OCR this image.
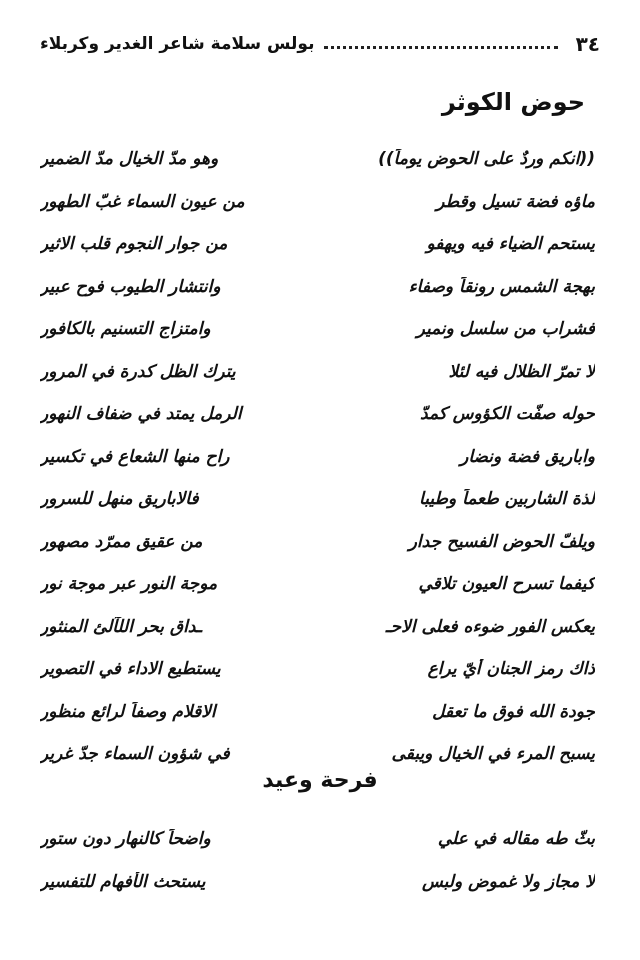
٣٤
بولس سلامة شاعر الغدير وكربلاء
حوض الكوثر
((انكم وردٌ على الحوض يوماً))
وهو مدّ الخيال مدّ الضمير
ماؤه فضة تسيل وقطر
من عيون السماء غبّ الطهور
يستحم الضياء فيه ويهفو
من جوار النجوم قلب الاثير
بهجة الشمس رونقاً وصفاء
وانتشار الطيوب فوح عبير
فشراب من سلسل ونمير
وامتزاج التسنيم بالكافور
لا تمرّ الظلال فيه لئلا
يترك الظل كدرة في المرور
حوله صفّت الكؤوس كمدّ
الرمل يمتد في ضفاف النهور
واباريق فضة ونضار
راح منها الشعاع في تكسير
لذة الشاربين طعماً وطيبا
فالاباريق منهل للسرور
ويلفّ الحوض الفسيح جدار
من عقيق ممرّد مصهور
كيفما تسرح العيون تلاقي
موجة النور عبر موجة نور
يعكس الفور ضوءه فعلى الاحـ
ـداق بحر اللآلئ المنثور
ذاك رمز الجنان أيّ يراع
يستطيع الاداء في التصوير
جودة الله فوق ما تعقل
الاقلام وصفاً لرائع منظور
يسبح المرء في الخيال ويبقى
في شؤون السماء جدّ غرير
فرحة وعيد
بثّ طه مقاله في علي
واضحاً كالنهار دون ستور
لا مجاز ولا غموض ولبس
يستحث الأفهام للتفسير
